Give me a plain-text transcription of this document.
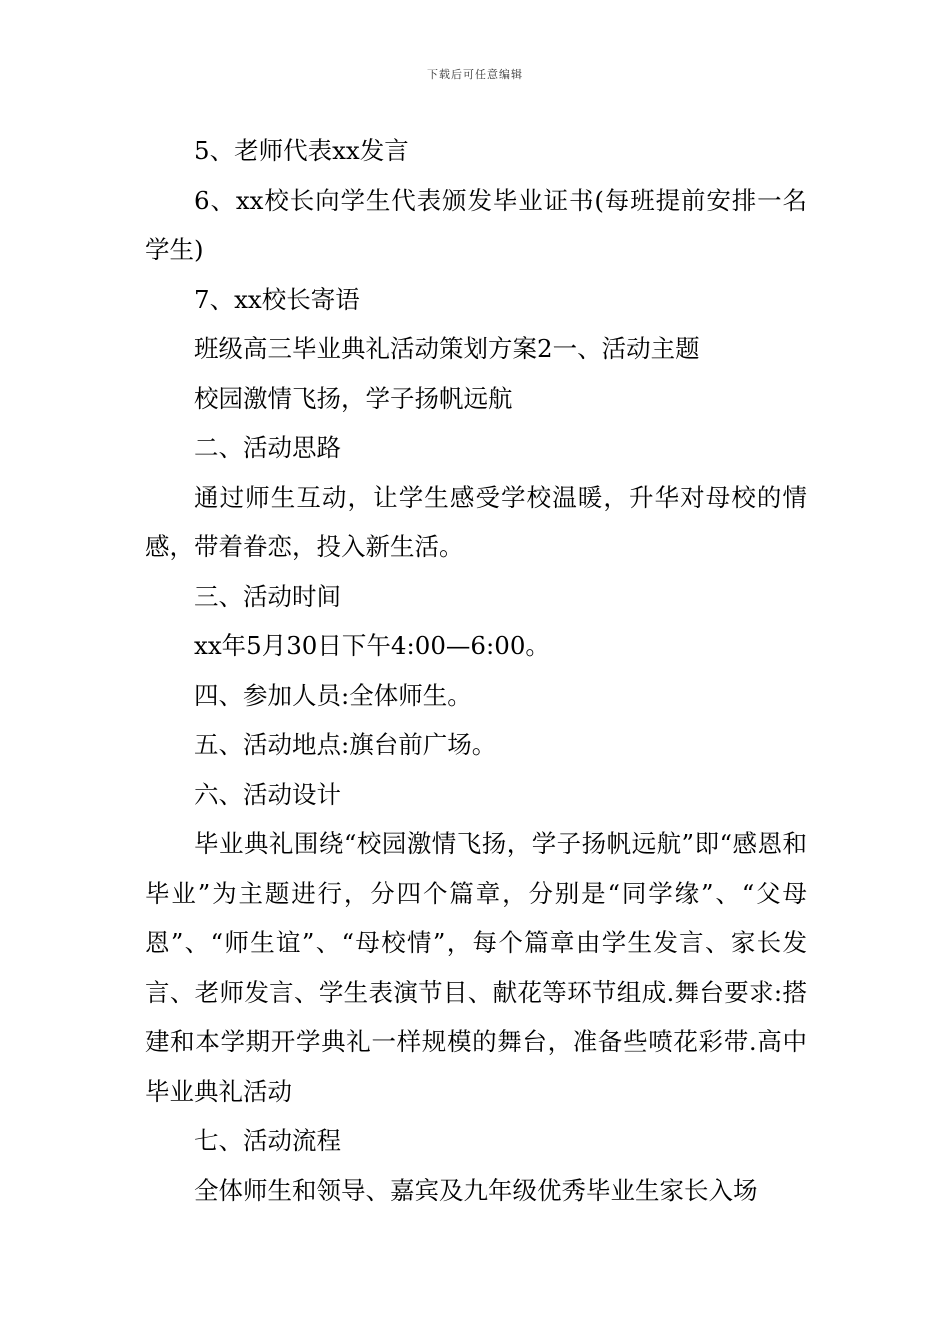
下载后可任意编辑

5、老师代表xx发言

6、xx校长向学生代表颁发毕业证书(每班提前安排一名学生)

7、xx校长寄语

班级高三毕业典礼活动策划方案2一、活动主题

校园激情飞扬，学子扬帆远航

二、活动思路

通过师生互动，让学生感受学校温暖，升华对母校的情感，带着眷恋，投入新生活。

三、活动时间

xx年5月30日下午4:00—6:00。

四、参加人员:全体师生。

五、活动地点:旗台前广场。

六、活动设计

毕业典礼围绕“校园激情飞扬，学子扬帆远航”即“感恩和毕业”为主题进行，分四个篇章，分别是“同学缘”、“父母恩”、“师生谊”、“母校情”，每个篇章由学生发言、家长发言、老师发言、学生表演节目、献花等环节组成.舞台要求:搭建和本学期开学典礼一样规模的舞台，准备些喷花彩带.高中毕业典礼活动

七、活动流程

全体师生和领导、嘉宾及九年级优秀毕业生家长入场
